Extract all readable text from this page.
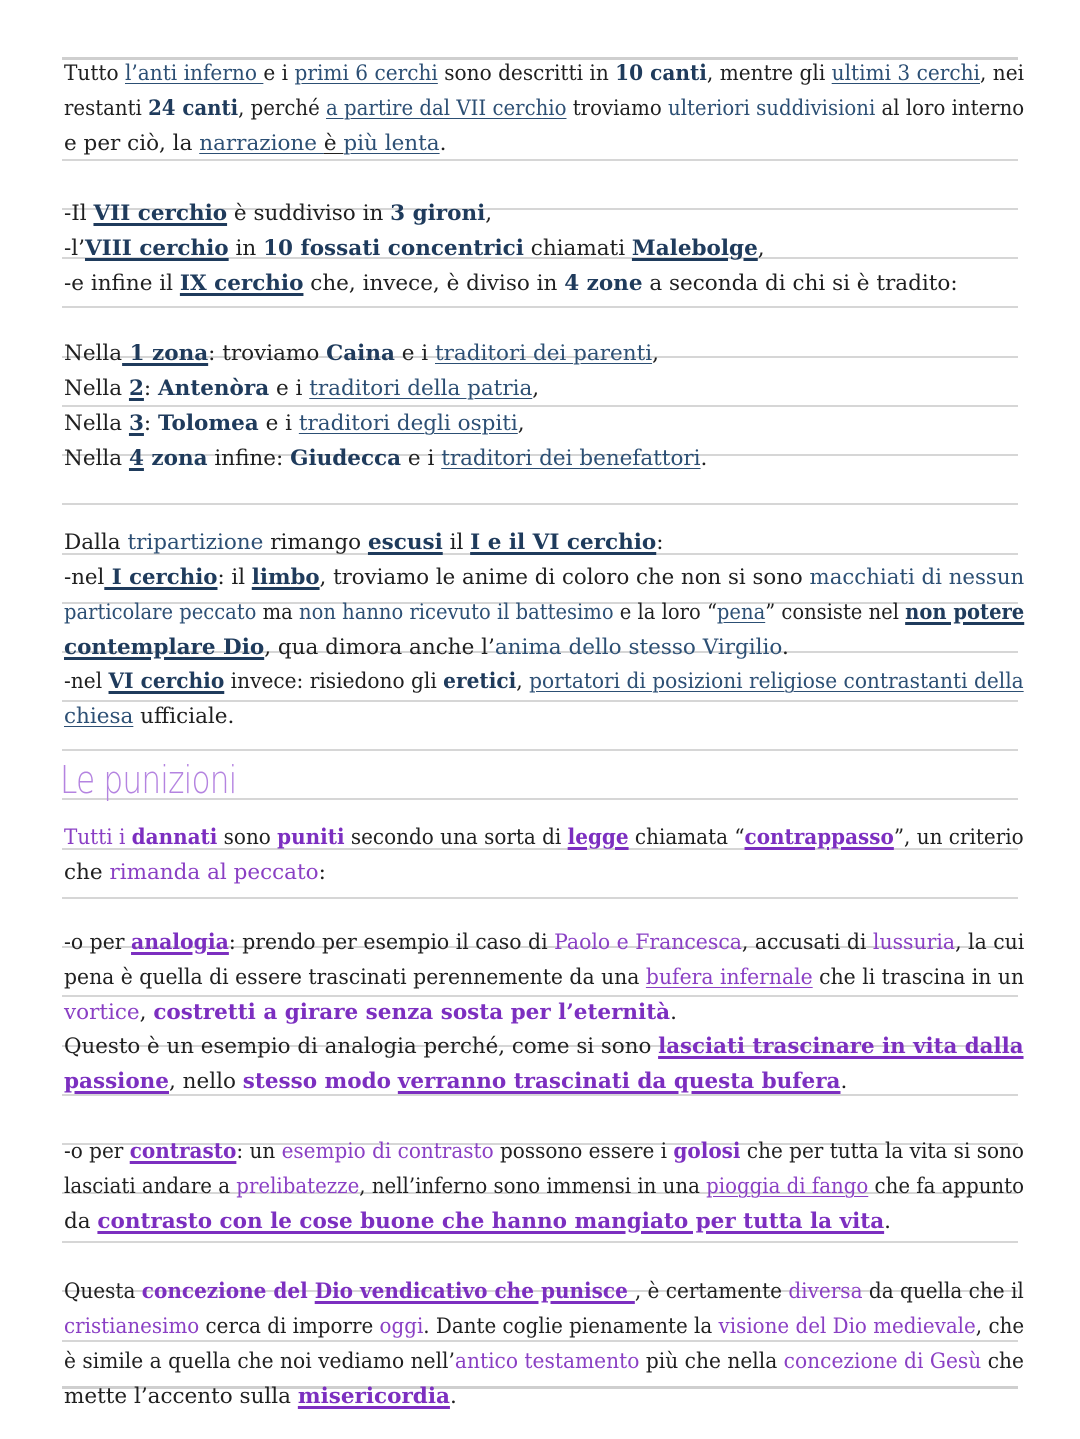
Tutto l’anti inferno e i primi 6 cerchi sono descritti in 10 canti, mentre gli ultimi 3 cerchi, nei
restanti 24 canti, perché a partire dal VII cerchio troviamo ulteriori suddivisioni al loro interno
e per ciò, la narrazione è più lenta.
-Il VII cerchio è suddiviso in 3 gironi,
-l’VIII cerchio in 10 fossati concentrici chiamati Malebolge,
-e infine il IX cerchio che, invece, è diviso in 4 zone a seconda di chi si è tradito:
Nella 1 zona: troviamo Caina e i traditori dei parenti,
Nella 2: Antenòra e i traditori della patria,
Nella 3: Tolomea e i traditori degli ospiti,
Nella 4 zona infine: Giudecca e i traditori dei benefattori.
Dalla tripartizione rimango escusi il I e il VI cerchio:
-nel I cerchio: il limbo, troviamo le anime di coloro che non si sono macchiati di nessun
particolare peccato ma non hanno ricevuto il battesimo e la loro “pena” consiste nel non potere
contemplare Dio, qua dimora anche l’anima dello stesso Virgilio.
-nel VI cerchio invece: risiedono gli eretici, portatori di posizioni religiose contrastanti della
chiesa ufficiale.
Le punizioni
Tutti i dannati sono puniti secondo una sorta di legge chiamata “contrappasso”, un criterio
che rimanda al peccato:
-o per analogia: prendo per esempio il caso di Paolo e Francesca, accusati di lussuria, la cui
pena è quella di essere trascinati perennemente da una bufera infernale che li trascina in un
vortice, costretti a girare senza sosta per l’eternità.
Questo è un esempio di analogia perché, come si sono lasciati trascinare in vita dalla
passione, nello stesso modo verranno trascinati da questa bufera.
-o per contrasto: un esempio di contrasto possono essere i golosi che per tutta la vita si sono
lasciati andare a prelibatezze, nell’inferno sono immensi in una pioggia di fango che fa appunto
da contrasto con le cose buone che hanno mangiato per tutta la vita.
Questa concezione del Dio vendicativo che punisce , è certamente diversa da quella che il
cristianesimo cerca di imporre oggi. Dante coglie pienamente la visione del Dio medievale, che
è simile a quella che noi vediamo nell’antico testamento più che nella concezione di Gesù che
mette l’accento sulla misericordia.
